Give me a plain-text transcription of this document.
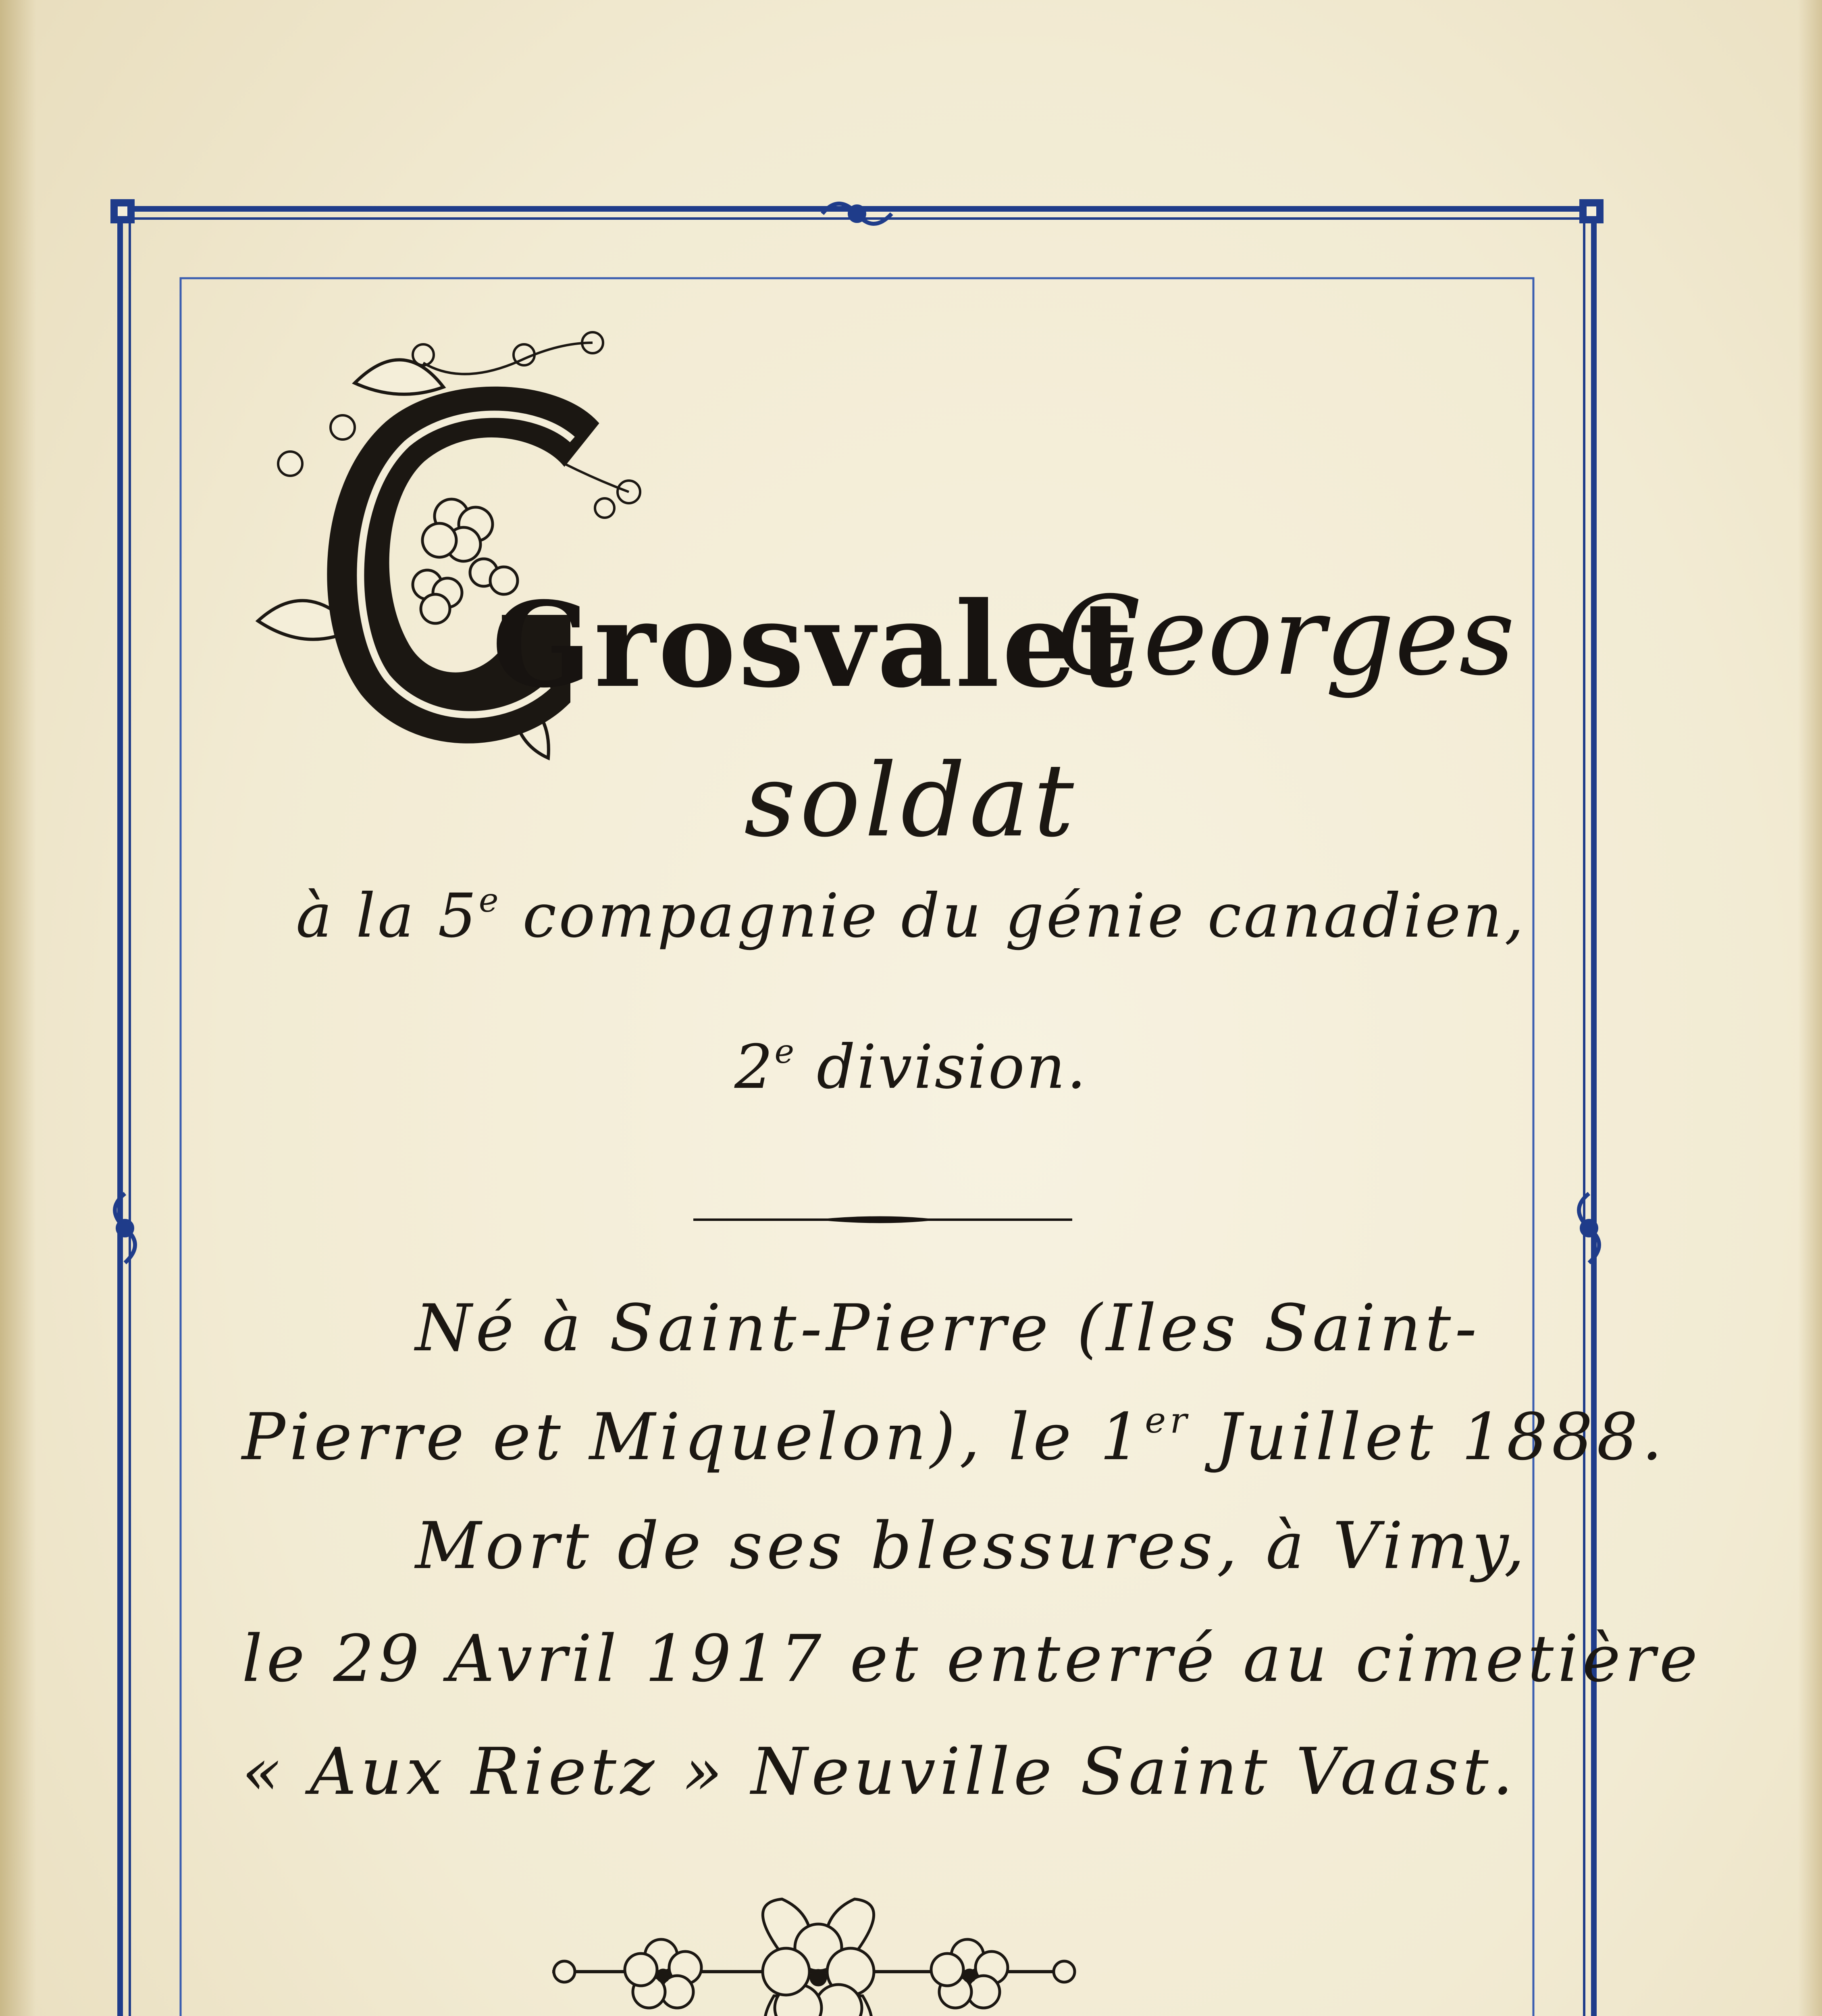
Grosvalet
Georges
soldat
à la 5e compagnie du génie canadien,
2e division.
Né à Saint-Pierre (Iles Saint-
Pierre et Miquelon), le 1er Juillet 1888.
Mort de ses blessures, à Vimy,
le 29 Avril 1917 et enterré au cimetière
« Aux Rietz » Neuville Saint Vaast.
